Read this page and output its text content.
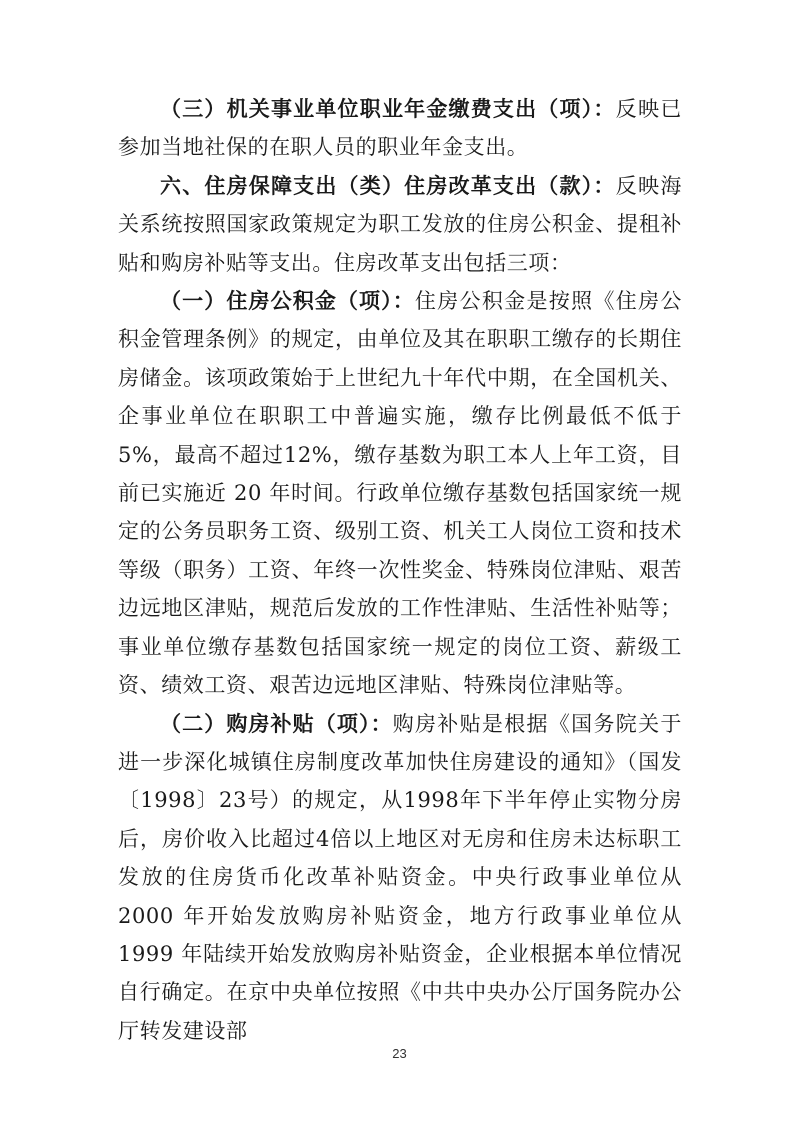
（三）机关事业单位职业年金缴费支出（项）：反映已参加当地社保的在职人员的职业年金支出。

六、住房保障支出（类）住房改革支出（款）：反映海关系统按照国家政策规定为职工发放的住房公积金、提租补贴和购房补贴等支出。住房改革支出包括三项：

（一）住房公积金（项）：住房公积金是按照《住房公积金管理条例》的规定，由单位及其在职职工缴存的长期住房储金。该项政策始于上世纪九十年代中期，在全国机关、企事业单位在职职工中普遍实施，缴存比例最低不低于5%，最高不超过12%，缴存基数为职工本人上年工资，目前已实施近 20 年时间。行政单位缴存基数包括国家统一规定的公务员职务工资、级别工资、机关工人岗位工资和技术等级（职务）工资、年终一次性奖金、特殊岗位津贴、艰苦边远地区津贴，规范后发放的工作性津贴、生活性补贴等；事业单位缴存基数包括国家统一规定的岗位工资、薪级工资、绩效工资、艰苦边远地区津贴、特殊岗位津贴等。

（二）购房补贴（项）：购房补贴是根据《国务院关于进一步深化城镇住房制度改革加快住房建设的通知》（国发〔1998〕23号）的规定，从1998年下半年停止实物分房后，房价收入比超过4倍以上地区对无房和住房未达标职工发放的住房货币化改革补贴资金。中央行政事业单位从 2000 年开始发放购房补贴资金，地方行政事业单位从 1999 年陆续开始发放购房补贴资金，企业根据本单位情况自行确定。在京中央单位按照《中共中央办公厅国务院办公厅转发建设部

23
